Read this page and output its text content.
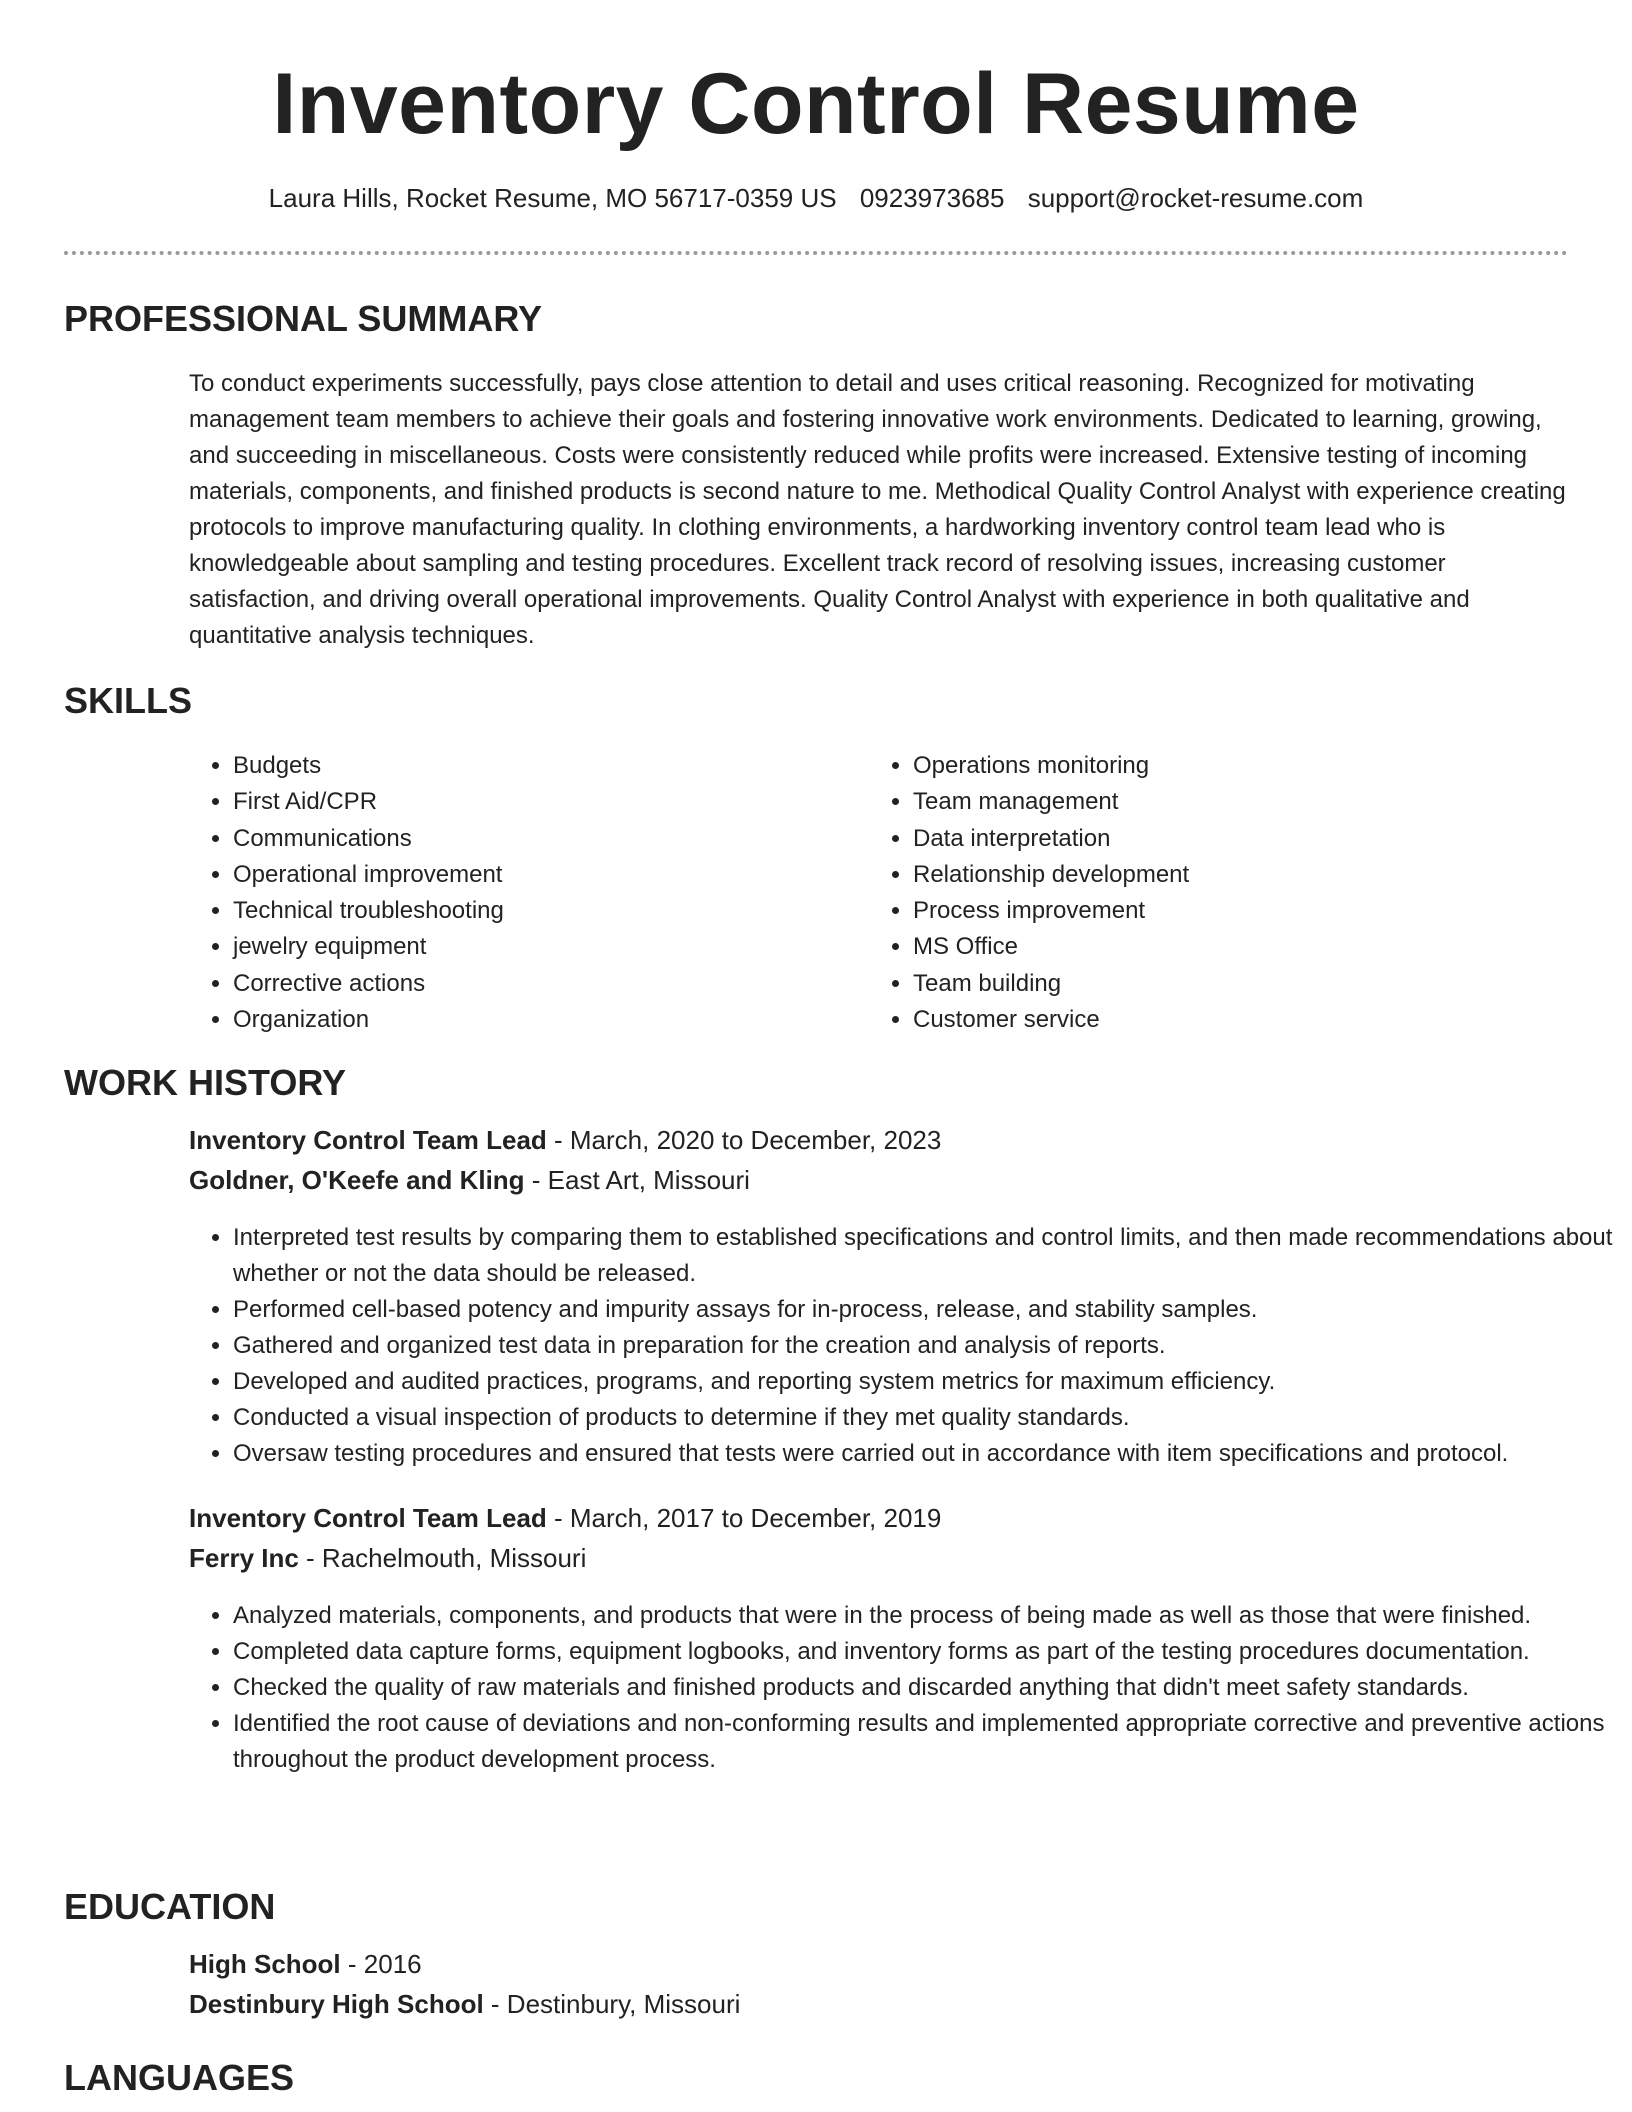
Inventory Control Resume
Laura Hills, Rocket Resume, MO 56717-0359 US 0923973685 support@rocket-resume.com
PROFESSIONAL SUMMARY

To conduct experiments successfully, pays close attention to detail and uses critical reasoning. Recognized for motivating management team members to achieve their goals and fostering innovative work environments. Dedicated to learning, growing, and succeeding in miscellaneous. Costs were consistently reduced while profits were increased. Extensive testing of incoming materials, components, and finished products is second nature to me. Methodical Quality Control Analyst with experience creating protocols to improve manufacturing quality. In clothing environments, a hardworking inventory control team lead who is knowledgeable about sampling and testing procedures. Excellent track record of resolving issues, increasing customer satisfaction, and driving overall operational improvements. Quality Control Analyst with experience in both qualitative and quantitative analysis techniques.

SKILLS
• Budgets
• First Aid/CPR
• Communications
• Operational improvement
• Technical troubleshooting
• jewelry equipment
• Corrective actions
• Organization
• Operations monitoring
• Team management
• Data interpretation
• Relationship development
• Process improvement
• MS Office
• Team building
• Customer service
WORK HISTORY
Inventory Control Team Lead - March, 2020 to December, 2023
Goldner, O'Keefe and Kling - East Art, Missouri
• Interpreted test results by comparing them to established specifications and control limits, and then made recommendations about whether or not the data should be released.
• Performed cell-based potency and impurity assays for in-process, release, and stability samples.
• Gathered and organized test data in preparation for the creation and analysis of reports.
• Developed and audited practices, programs, and reporting system metrics for maximum efficiency.
• Conducted a visual inspection of products to determine if they met quality standards.
• Oversaw testing procedures and ensured that tests were carried out in accordance with item specifications and protocol.
Inventory Control Team Lead - March, 2017 to December, 2019
Ferry Inc - Rachelmouth, Missouri
• Analyzed materials, components, and products that were in the process of being made as well as those that were finished.
• Completed data capture forms, equipment logbooks, and inventory forms as part of the testing procedures documentation.
• Checked the quality of raw materials and finished products and discarded anything that didn't meet safety standards.
• Identified the root cause of deviations and non-conforming results and implemented appropriate corrective and preventive actions throughout the product development process.
EDUCATION
High School - 2016
Destinbury High School - Destinbury, Missouri
LANGUAGES
